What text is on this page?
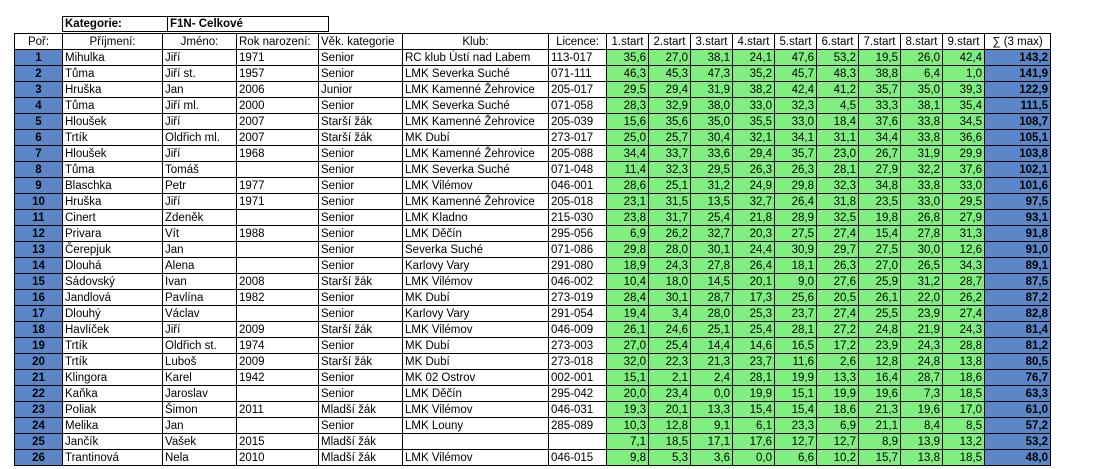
Kategorie:	F1N- Celkové
Poř:	Příjmení:	Jméno:	Rok narození:	Věk. kategorie	Klub:	Licence:	1.start	2.start	3.start	4.start	5.start	6.start	7.start	8.start	9.start	∑ (3 max)
1	Mihulka	Jiří	1971	Senior	RC klub Ústí nad Labem	113-017	35,6	27,0	38,1	24,1	47,6	53,2	19,5	26,0	42,4	143,2
2	Tůma	Jiří st.	1957	Senior	LMK Severka Suché	071-111	46,3	45,3	47,3	35,2	45,7	48,3	38,8	6,4	1,0	141,9
3	Hruška	Jan	2006	Junior	LMK Kamenné Žehrovice	205-017	29,5	29,4	31,9	38,2	42,4	41,2	35,7	35,0	39,3	122,9
4	Tůma	Jiří ml.	2000	Senior	LMK Severka Suché	071-058	28,3	32,9	38,0	33,0	32,3	4,5	33,3	38,1	35,4	111,5
5	Hloušek	Jiří	2007	Starší žák	LMK Kamenné Žehrovice	205-039	15,6	35,6	35,0	35,5	33,0	18,4	37,6	33,8	34,5	108,7
6	Trtík	Oldřich ml.	2007	Starší žák	MK Dubí	273-017	25,0	25,7	30,4	32,1	34,1	31,1	34,4	33,8	36,6	105,1
7	Hloušek	Jiří	1968	Senior	LMK Kamenné Žehrovice	205-088	34,4	33,7	33,6	29,4	35,7	23,0	26,7	31,9	29,9	103,8
8	Tůma	Tomáš		Senior	LMK Severka Suché	071-048	11,4	32,3	29,5	26,3	26,3	28,1	27,9	32,2	37,6	102,1
9	Blaschka	Petr	1977	Senior	LMK Vilémov	046-001	28,6	25,1	31,2	24,9	29,8	32,3	34,8	33,8	33,0	101,6
10	Hruška	Jiří	1971	Senior	LMK Kamenné Žehrovice	205-018	23,1	31,5	13,5	32,7	26,4	31,8	23,5	33,0	29,5	97,5
11	Cinert	Zdeněk		Senior	LMK Kladno	215-030	23,8	31,7	25,4	21,8	28,9	32,5	19,8	26,8	27,9	93,1
12	Privara	Vít	1988	Senior	LMK Děčín	295-056	6,9	26,2	32,7	20,3	27,5	27,4	15,4	27,8	31,3	91,8
13	Čerepjuk	Jan		Senior	Severka Suché	071-086	29,8	28,0	30,1	24,4	30,9	29,7	27,5	30,0	12,6	91,0
14	Dlouhá	Alena		Senior	Karlovy Vary	291-080	18,9	24,3	27,8	26,4	18,1	26,3	27,0	26,5	34,3	89,1
15	Sádovský	Ivan	2008	Starší žák	LMK Vilémov	046-002	10,4	18,0	14,5	20,1	9,0	27,6	25,9	31,2	28,7	87,5
16	Jandlová	Pavlína	1982	Senior	MK Dubí	273-019	28,4	30,1	28,7	17,3	25,6	20,5	26,1	22,0	26,2	87,2
17	Dlouhý	Václav		Senior	Karlovy Vary	291-054	19,4	3,4	28,0	25,3	23,7	27,4	25,5	23,9	27,4	82,8
18	Havlíček	Jiří	2009	Starší žák	LMK Vilémov	046-009	26,1	24,6	25,1	25,4	28,1	27,2	24,8	21,9	24,3	81,4
19	Trtík	Oldřich st.	1974	Senior	MK Dubí	273-003	27,0	25,4	14,4	14,6	16,5	17,2	23,9	24,3	28,8	81,2
20	Trtík	Luboš	2009	Starší žák	MK Dubí	273-018	32,0	22,3	21,3	23,7	11,6	2,6	12,8	24,8	13,8	80,5
21	Klingora	Karel	1942	Senior	MK 02 Ostrov	002-001	15,1	2,1	2,4	28,1	19,9	13,3	16,4	28,7	18,6	76,7
22	Kaňka	Jaroslav		Senior	LMK Děčín	295-042	20,0	23,4	0,0	19,9	15,1	19,9	19,6	7,3	18,5	63,3
23	Poliak	Šimon	2011	Mladší žák	LMK Vilémov	046-031	19,3	20,1	13,3	15,4	15,4	18,6	21,3	19,6	17,0	61,0
24	Melika	Jan		Senior	LMK Louny	285-089	10,3	12,8	9,1	6,1	23,3	6,9	21,1	8,4	8,5	57,2
25	Jančík	Vašek	2015	Mladší žák			7,1	18,5	17,1	17,6	12,7	12,7	8,9	13,9	13,2	53,2
26	Trantinová	Nela	2010	Mladší žák	LMK Vilémov	046-015	9,8	5,3	3,6	0,0	6,6	10,2	15,7	13,8	18,5	48,0
